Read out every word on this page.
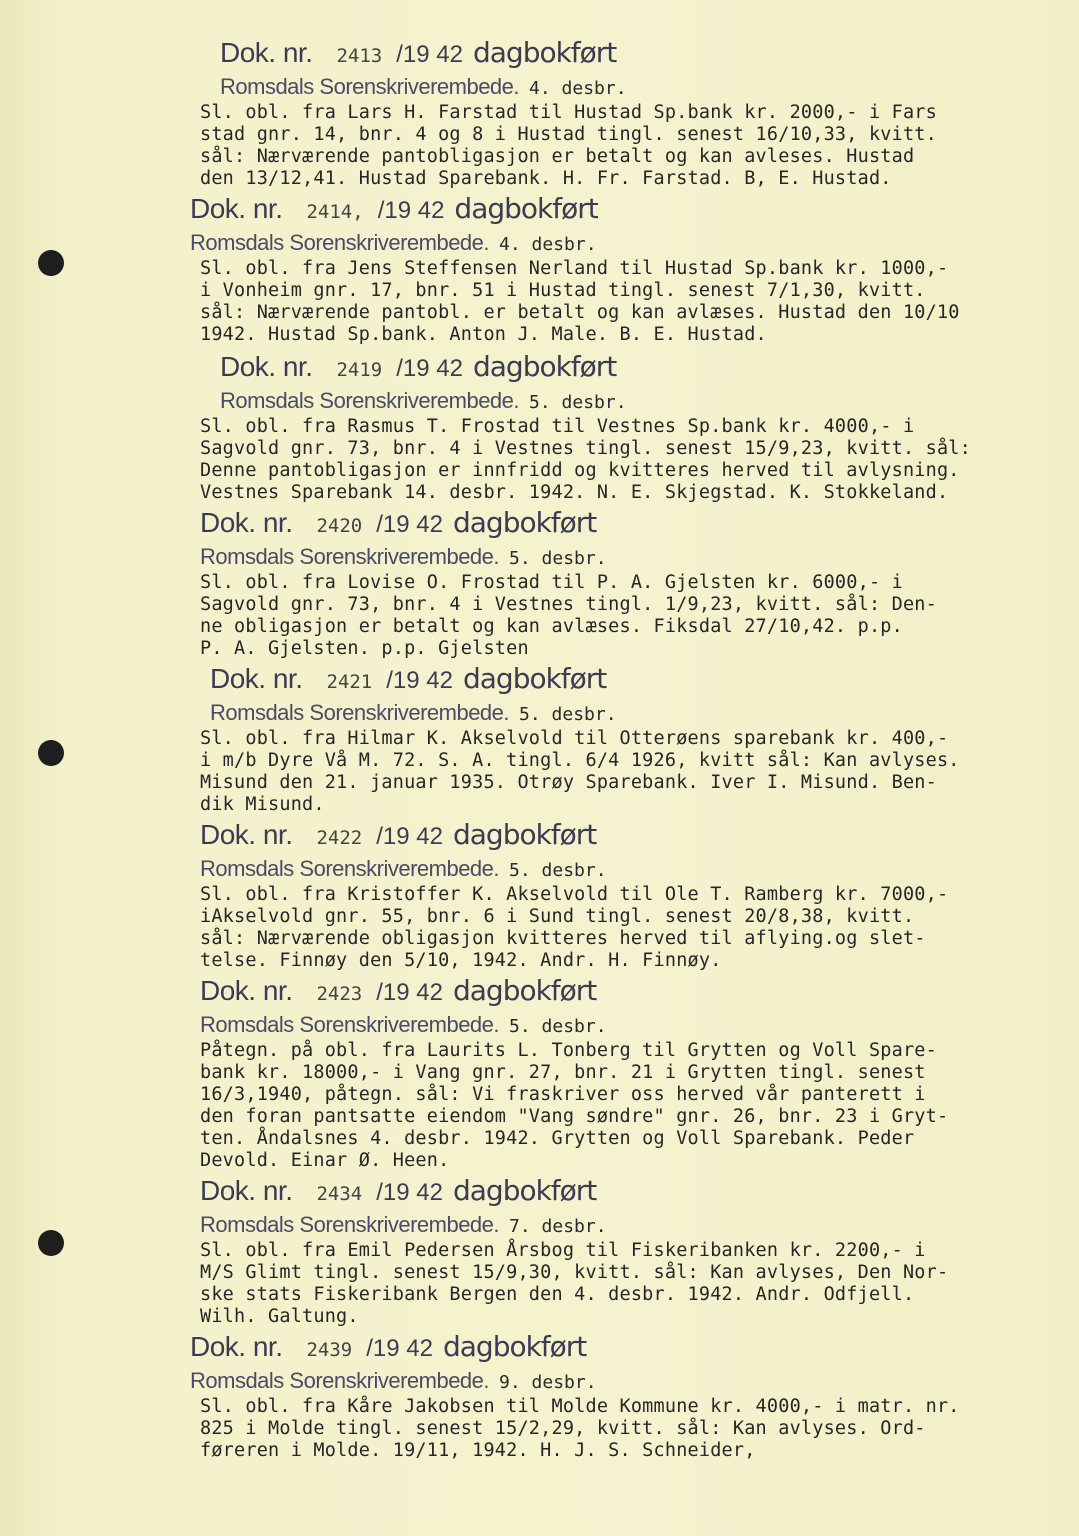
Dok. nr. 2413 /19 42 dagbokført
Romsdals Sorenskriverembede. 4. desbr.
Sl. obl. fra Lars H. Farstad til Hustad Sp.bank kr. 2000,- i Fars
stad gnr. 14, bnr. 4 og 8 i Hustad tingl. senest 16/10,33, kvitt.
sål: Nærværende pantobligasjon er betalt og kan avleses. Hustad
den 13/12,41. Hustad Sparebank. H. Fr. Farstad. B, E. Hustad.
Dok. nr. 2414, /19 42 dagbokført
Romsdals Sorenskriverembede. 4. desbr.
Sl. obl. fra Jens Steffensen Nerland til Hustad Sp.bank kr. 1000,-
i Vonheim gnr. 17, bnr. 51 i Hustad tingl. senest 7/1,30, kvitt.
sål: Nærværende pantobl. er betalt og kan avlæses. Hustad den 10/10
1942. Hustad Sp.bank. Anton J. Male. B. E. Hustad.
Dok. nr. 2419 /19 42 dagbokført
Romsdals Sorenskriverembede. 5. desbr.
Sl. obl. fra Rasmus T. Frostad til Vestnes Sp.bank kr. 4000,- i
Sagvold gnr. 73, bnr. 4 i Vestnes tingl. senest 15/9,23, kvitt. sål:
Denne pantobligasjon er innfridd og kvitteres herved til avlysning.
Vestnes Sparebank 14. desbr. 1942. N. E. Skjegstad. K. Stokkeland.
Dok. nr. 2420 /19 42 dagbokført
Romsdals Sorenskriverembede. 5. desbr.
Sl. obl. fra Lovise O. Frostad til P. A. Gjelsten kr. 6000,- i
Sagvold gnr. 73, bnr. 4 i Vestnes tingl. 1/9,23, kvitt. sål: Den-
ne obligasjon er betalt og kan avlæses. Fiksdal 27/10,42. p.p.
P. A. Gjelsten. p.p. Gjelsten
Dok. nr. 2421 /19 42 dagbokført
Romsdals Sorenskriverembede. 5. desbr.
Sl. obl. fra Hilmar K. Akselvold til Otterøens sparebank kr. 400,-
i m/b Dyre Vå M. 72. S. A. tingl. 6/4 1926, kvitt sål: Kan avlyses.
Misund den 21. januar 1935. Otrøy Sparebank. Iver I. Misund. Ben-
dik Misund.
Dok. nr. 2422 /19 42 dagbokført
Romsdals Sorenskriverembede. 5. desbr.
Sl. obl. fra Kristoffer K. Akselvold til Ole T. Ramberg kr. 7000,-
iAkselvold gnr. 55, bnr. 6 i Sund tingl. senest 20/8,38, kvitt.
sål: Nærværende obligasjon kvitteres herved til aflying.og slet-
telse. Finnøy den 5/10, 1942. Andr. H. Finnøy.
Dok. nr. 2423 /19 42 dagbokført
Romsdals Sorenskriverembede. 5. desbr.
Påtegn. på obl. fra Laurits L. Tonberg til Grytten og Voll Spare-
bank kr. 18000,- i Vang gnr. 27, bnr. 21 i Grytten tingl. senest
16/3,1940, påtegn. sål: Vi fraskriver oss herved vår panterett i
den foran pantsatte eiendom "Vang søndre" gnr. 26, bnr. 23 i Gryt-
ten. Åndalsnes 4. desbr. 1942. Grytten og Voll Sparebank. Peder
Devold. Einar Ø. Heen.
Dok. nr. 2434 /19 42 dagbokført
Romsdals Sorenskriverembede. 7. desbr.
Sl. obl. fra Emil Pedersen Årsbog til Fiskeribanken kr. 2200,- i
M/S Glimt tingl. senest 15/9,30, kvitt. sål: Kan avlyses, Den Nor-
ske stats Fiskeribank Bergen den 4. desbr. 1942. Andr. Odfjell.
Wilh. Galtung.
Dok. nr. 2439 /19 42 dagbokført
Romsdals Sorenskriverembede. 9. desbr.
Sl. obl. fra Kåre Jakobsen til Molde Kommune kr. 4000,- i matr. nr.
825 i Molde tingl. senest 15/2,29, kvitt. sål: Kan avlyses. Ord-
føreren i Molde. 19/11, 1942. H. J. S. Schneider,
